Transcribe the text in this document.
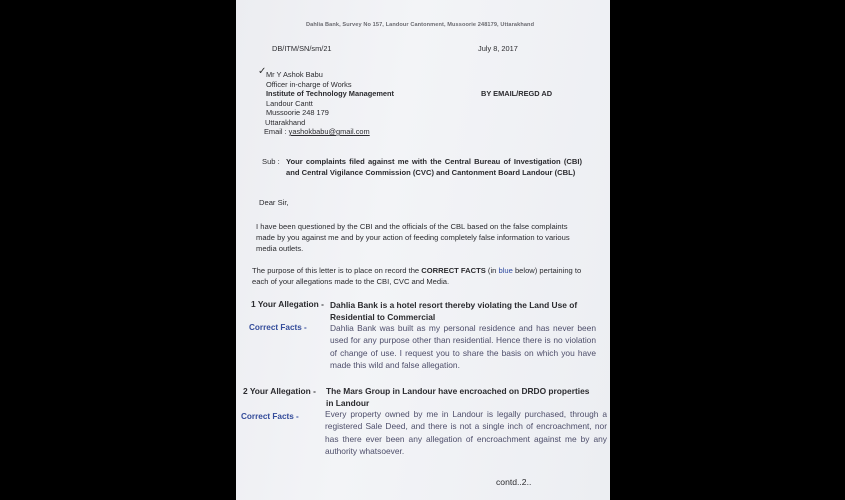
Dahlia Bank, Survey No 157, Landour Cantonment, Mussoorie 248179, Uttarakhand
DB/ITM/SN/sm/21	July 8, 2017
✓ Mr Y Ashok Babu
Officer in-charge of Works
Institute of Technology Management
Landour Cantt
Mussoorie 248 179
Uttarakhand
Email : yashokbabu@gmail.com
BY EMAIL/REGD AD
Sub : Your complaints filed against me with the Central Bureau of Investigation (CBI) and Central Vigilance Commission (CVC) and Cantonment Board Landour (CBL)
Dear Sir,
I have been questioned by the CBI and the officials of the CBL based on the false complaints made by you against me and by your action of feeding completely false information to various media outlets.
The purpose of this letter is to place on record the CORRECT FACTS (in blue below) pertaining to each of your allegations made to the CBI, CVC and Media.
1 Your Allegation - Dahlia Bank is a hotel resort thereby violating the Land Use of Residential to Commercial
Correct Facts -	Dahlia Bank was built as my personal residence and has never been used for any purpose other than residential. Hence there is no violation of change of use. I request you to share the basis on which you have made this wild and false allegation.
2 Your Allegation - The Mars Group in Landour have encroached on DRDO properties in Landour
Correct Facts -	Every property owned by me in Landour is legally purchased, through a registered Sale Deed, and there is not a single inch of encroachment, nor has there ever been any allegation of encroachment against me by any authority whatsoever.
contd..2..
